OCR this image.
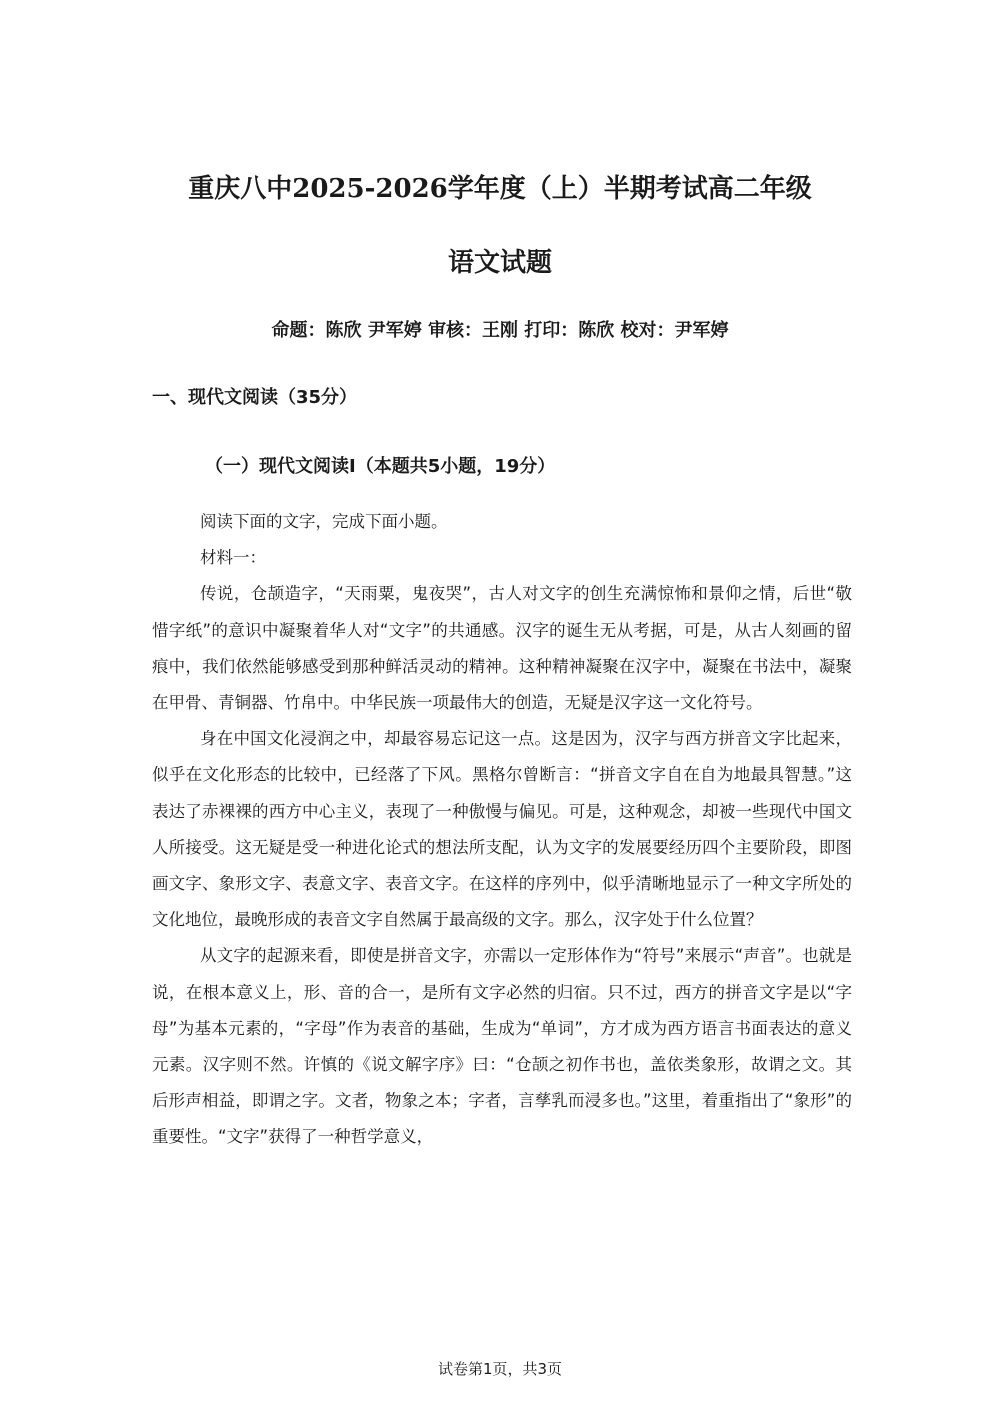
重庆八中2025-2026学年度（上）半期考试高二年级
语文试题
命题：陈欣 尹军婷 审核：王刚 打印：陈欣 校对：尹军婷
一、现代文阅读（35分）
（一）现代文阅读Ⅰ（本题共5小题，19分）

阅读下面的文字，完成下面小题。

材料一：

传说，仓颉造字，“天雨粟，鬼夜哭”，古人对文字的创生充满惊怖和景仰之情，后世“敬惜字纸”的意识中凝聚着华人对“文字”的共通感。汉字的诞生无从考据，可是，从古人刻画的留痕中，我们依然能够感受到那种鲜活灵动的精神。这种精神凝聚在汉字中，凝聚在书法中，凝聚在甲骨、青铜器、竹帛中。中华民族一项最伟大的创造，无疑是汉字这一文化符号。

身在中国文化浸润之中，却最容易忘记这一点。这是因为，汉字与西方拼音文字比起来，似乎在文化形态的比较中，已经落了下风。黑格尔曾断言：“拼音文字自在自为地最具智慧。”这表达了赤裸裸的西方中心主义，表现了一种傲慢与偏见。可是，这种观念，却被一些现代中国文人所接受。这无疑是受一种进化论式的想法所支配，认为文字的发展要经历四个主要阶段，即图画文字、象形文字、表意文字、表音文字。在这样的序列中，似乎清晰地显示了一种文字所处的文化地位，最晚形成的表音文字自然属于最高级的文字。那么，汉字处于什么位置？

从文字的起源来看，即使是拼音文字，亦需以一定形体作为“符号”来展示“声音”。也就是说，在根本意义上，形、音的合一，是所有文字必然的归宿。只不过，西方的拼音文字是以“字母”为基本元素的，“字母”作为表音的基础，生成为“单词”，方才成为西方语言书面表达的意义元素。汉字则不然。许慎的《说文解字序》曰：“仓颉之初作书也，盖依类象形，故谓之文。其后形声相益，即谓之字。文者，物象之本；字者，言孳乳而浸多也。”这里，着重指出了“象形”的重要性。“文字”获得了一种哲学意义，

试卷第1页，共3页
